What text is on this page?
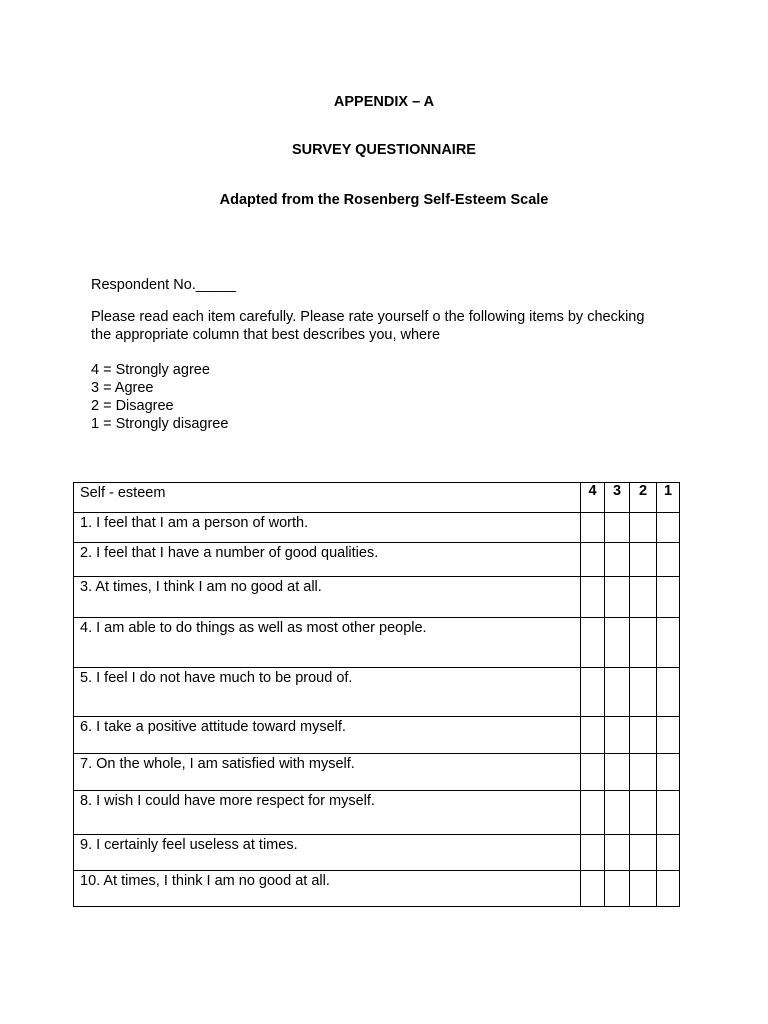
APPENDIX – A
SURVEY QUESTIONNAIRE
Adapted from the Rosenberg Self-Esteem Scale
Respondent No._____
Please read each item carefully. Please rate yourself o the following items by checking
the appropriate column that best describes you, where
4 = Strongly agree
3 = Agree
2 = Disagree
1 = Strongly disagree
Self - esteem	4	3	2	1
1. I feel that I am a person of worth.				
2. I feel that I have a number of good qualities.				
3. At times, I think I am no good at all.				
4. I am able to do things as well as most other people.				
5. I feel I do not have much to be proud of.				
6. I take a positive attitude toward myself.				
7. On the whole, I am satisfied with myself.				
8. I wish I could have more respect for myself.				
9. I certainly feel useless at times.				
10. At times, I think I am no good at all.				
